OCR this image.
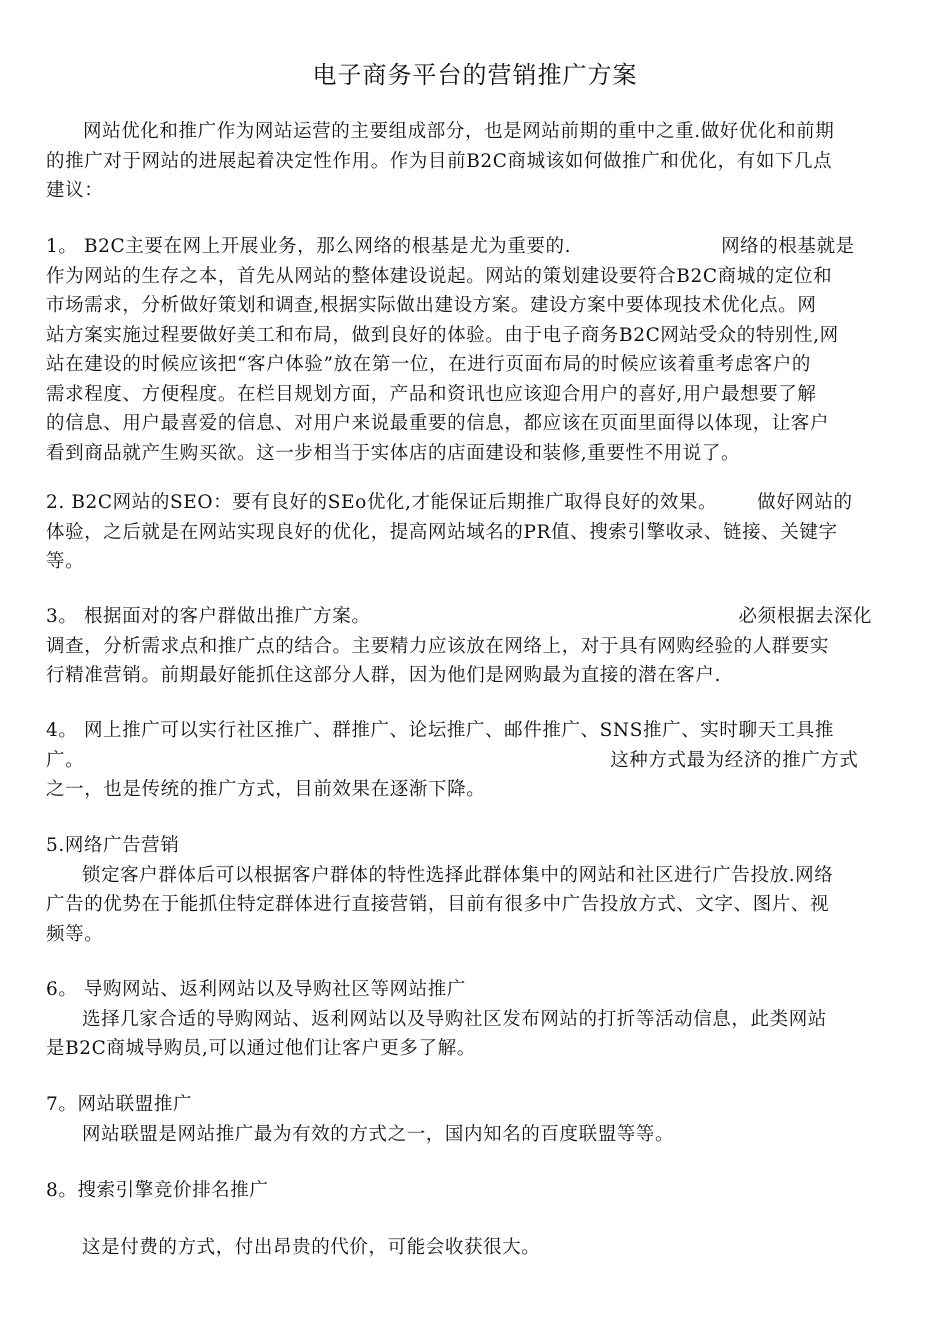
电子商务平台的营销推广方案
网站优化和推广作为网站运营的主要组成部分，也是网站前期的重中之重.做好优化和前期
的推广对于网站的进展起着决定性作用。作为目前B2C商城该如何做推广和优化，有如下几点
建议：
1。 B2C主要在网上开展业务，那么网络的根基是尤为重要的.	网络的根基就是
作为网站的生存之本，首先从网站的整体建设说起。网站的策划建设要符合B2C商城的定位和
市场需求，分析做好策划和调查,根据实际做出建设方案。建设方案中要体现技术优化点。网
站方案实施过程要做好美工和布局，做到良好的体验。由于电子商务B2C网站受众的特别性,网
站在建设的时候应该把“客户体验”放在第一位，在进行页面布局的时候应该着重考虑客户的
需求程度、方便程度。在栏目规划方面，产品和资讯也应该迎合用户的喜好,用户最想要了解
的信息、用户最喜爱的信息、对用户来说最重要的信息，都应该在页面里面得以体现，让客户
看到商品就产生购买欲。这一步相当于实体店的店面建设和装修,重要性不用说了。
2. B2C网站的SEO：要有良好的SEo优化,才能保证后期推广取得良好的效果。 做好网站的
体验，之后就是在网站实现良好的优化，提高网站域名的PR值、搜索引擎收录、链接、关键字
等。
3。 根据面对的客户群做出推广方案。	必须根据去深化
调查，分析需求点和推广点的结合。主要精力应该放在网络上，对于具有网购经验的人群要实
行精准营销。前期最好能抓住这部分人群，因为他们是网购最为直接的潜在客户.
4。 网上推广可以实行社区推广、群推广、论坛推广、邮件推广、SNS推广、实时聊天工具推
广。	这种方式最为经济的推广方式
之一，也是传统的推广方式，目前效果在逐渐下降。
5.网络广告营销
锁定客户群体后可以根据客户群体的特性选择此群体集中的网站和社区进行广告投放.网络
广告的优势在于能抓住特定群体进行直接营销，目前有很多中广告投放方式、文字、图片、视
频等。
6。 导购网站、返利网站以及导购社区等网站推广
选择几家合适的导购网站、返利网站以及导购社区发布网站的打折等活动信息，此类网站
是B2C商城导购员,可以通过他们让客户更多了解。
7。网站联盟推广
网站联盟是网站推广最为有效的方式之一，国内知名的百度联盟等等。
8。搜索引擎竞价排名推广
这是付费的方式，付出昂贵的代价，可能会收获很大。
